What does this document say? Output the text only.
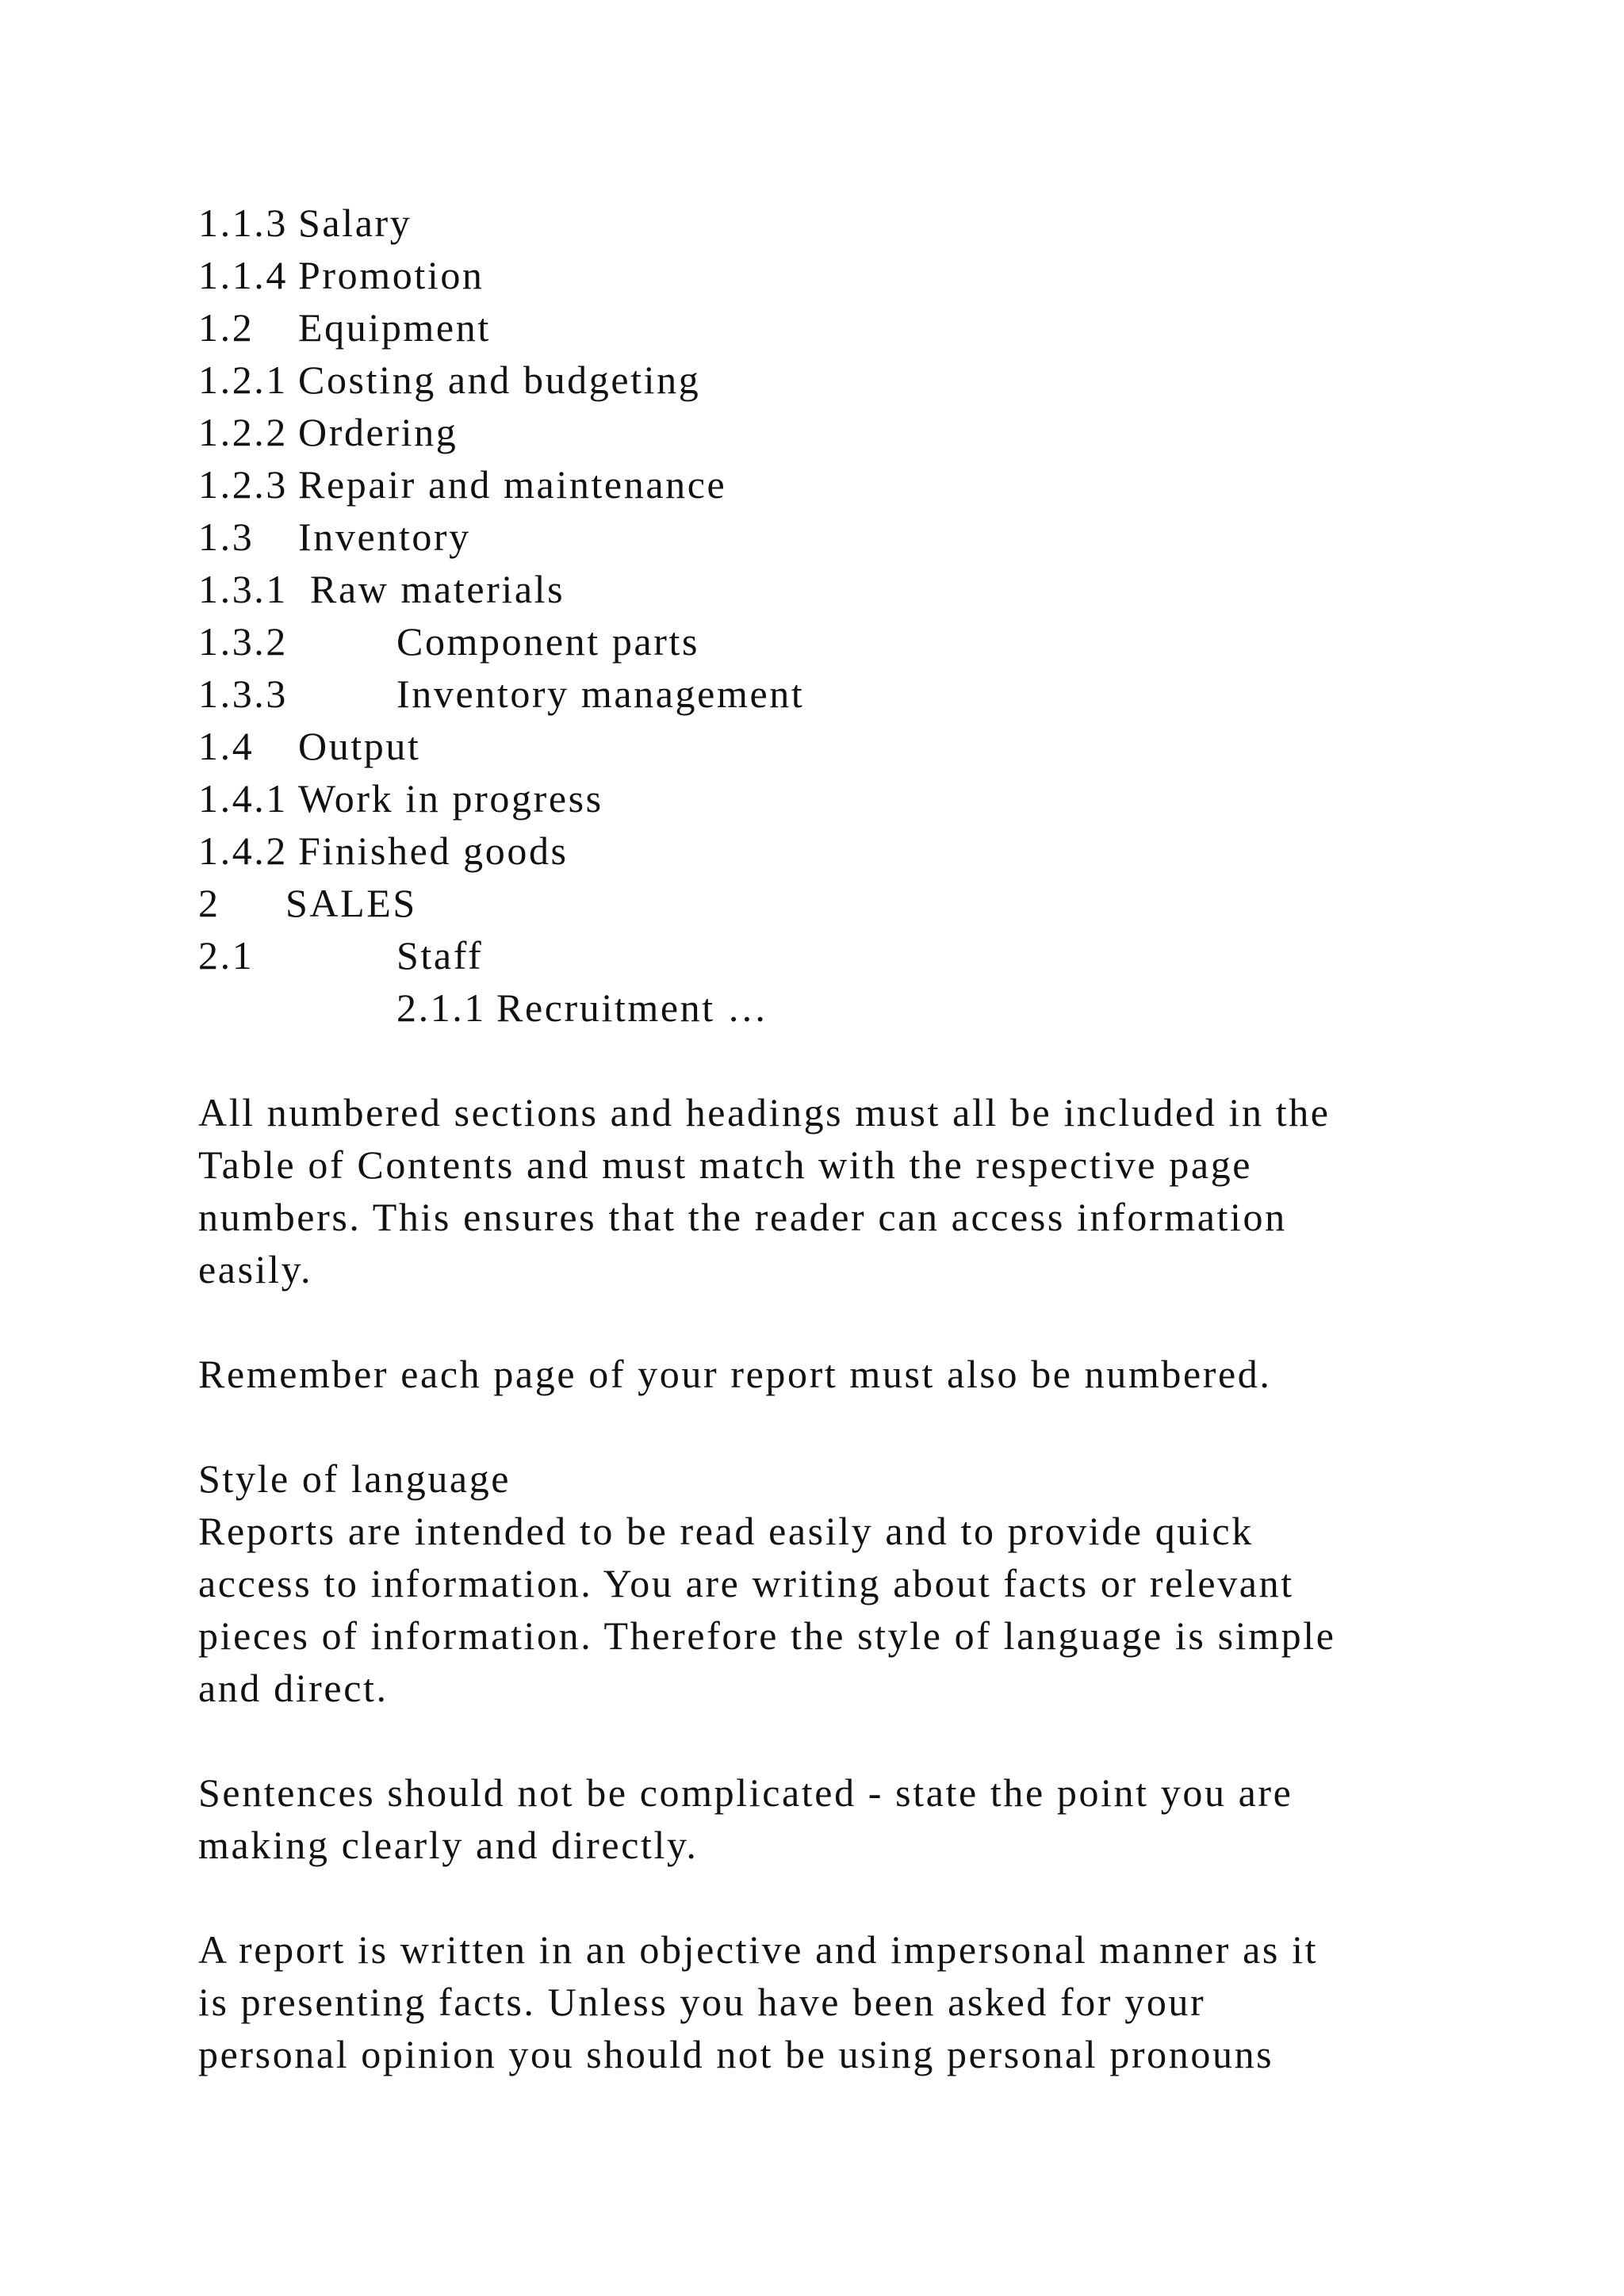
1.1.3 Salary
1.1.4 Promotion
1.2	Equipment
1.2.1 Costing and budgeting
1.2.2 Ordering
1.2.3 Repair and maintenance
1.3	Inventory
1.3.1 Raw materials
1.3.2	Component parts
1.3.3	Inventory management
1.4	Output
1.4.1 Work in progress
1.4.2 Finished goods
2	SALES
2.1	Staff
2.1.1 Recruitment …
All numbered sections and headings must all be included in the
Table of Contents and must match with the respective page
numbers. This ensures that the reader can access information
easily.
Remember each page of your report must also be numbered.
Style of language
Reports are intended to be read easily and to provide quick
access to information. You are writing about facts or relevant
pieces of information. Therefore the style of language is simple
and direct.
Sentences should not be complicated - state the point you are
making clearly and directly.
A report is written in an objective and impersonal manner as it
is presenting facts. Unless you have been asked for your
personal opinion you should not be using personal pronouns
